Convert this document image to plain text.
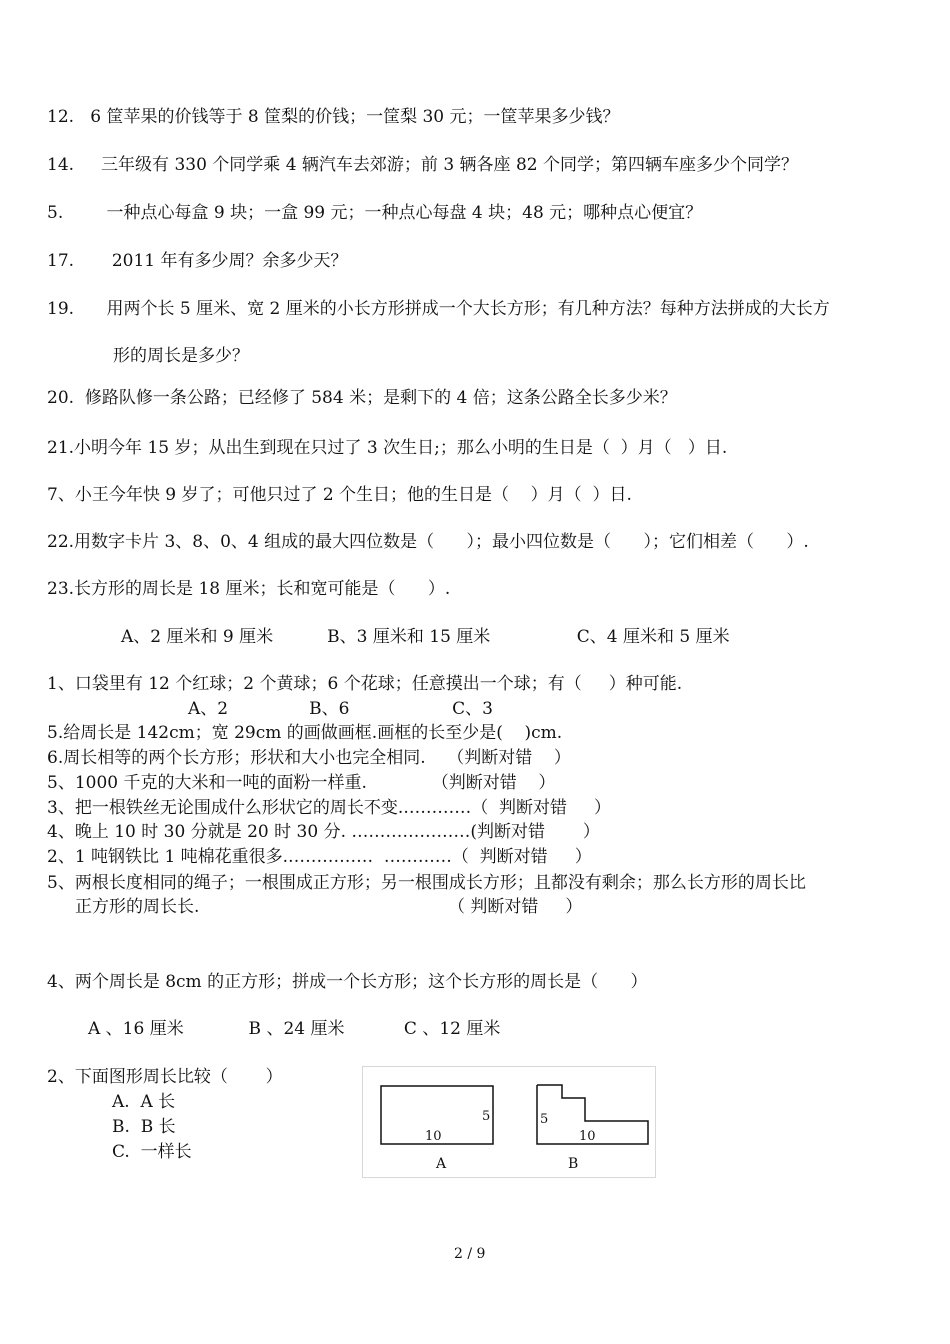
12.   6 筐苹果的价钱等于 8 筐梨的价钱；一筐梨 30 元；一筐苹果多少钱？
14.     三年级有 330 个同学乘 4 辆汽车去郊游；前 3 辆各座 82 个同学；第四辆车座多少个同学？
5.        一种点心每盒 9 块；一盒 99 元；一种点心每盘 4 块；48 元；哪种点心便宜？
17.       2011 年有多少周？余多少天？
19.      用两个长 5 厘米、宽 2 厘米的小长方形拼成一个大长方形；有几种方法？每种方法拼成的大长方
形的周长是多少？
20.  修路队修一条公路；已经修了 584 米；是剩下的 4 倍；这条公路全长多少米？
21.小明今年 15 岁；从出生到现在只过了 3 次生日;；那么小明的生日是（  ）月（   ）日.
7、小王今年快 9 岁了；可他只过了 2 个生日；他的生日是（    ）月（  ）日.
22.用数字卡片 3、8、0、4 组成的最大四位数是（      ）；最小四位数是（      ）；它们相差（      ）.
23.长方形的周长是 18 厘米；长和宽可能是（      ）.
A、2 厘米和 9 厘米          B、3 厘米和 15 厘米                C、4 厘米和 5 厘米
1、口袋里有 12 个红球；2 个黄球；6 个花球；任意摸出一个球；有（     ）种可能.
A、2               B、6                   C、3
5.给周长是 142cm；宽 29cm 的画做画框.画框的长至少是(    )cm.
6.周长相等的两个长方形；形状和大小也完全相同.    （判断对错    ）
5、1000 千克的大米和一吨的面粉一样重.            （判断对错    ）
3、把一根铁丝无论围成什么形状它的周长不变.…………（  判断对错     ）
4、晚上 10 时 30 分就是 20 时 30 分. …………………(判断对错       ）
2、1 吨钢铁比 1 吨棉花重很多.……………  …………（  判断对错     ）
5、两根长度相同的绳子；一根围成正方形；另一根围成长方形；且都没有剩余；那么长方形的周长比
正方形的周长长.                                              （ 判断对错     ）
4、两个周长是 8cm 的正方形；拼成一个长方形；这个长方形的周长是（      ）
A 、16 厘米            B 、24 厘米           C 、12 厘米
2、下面图形周长比较（       ）
A.  A 长
B.  B 长
C.  一样长
10
5
A
10
5
B
2 / 9
